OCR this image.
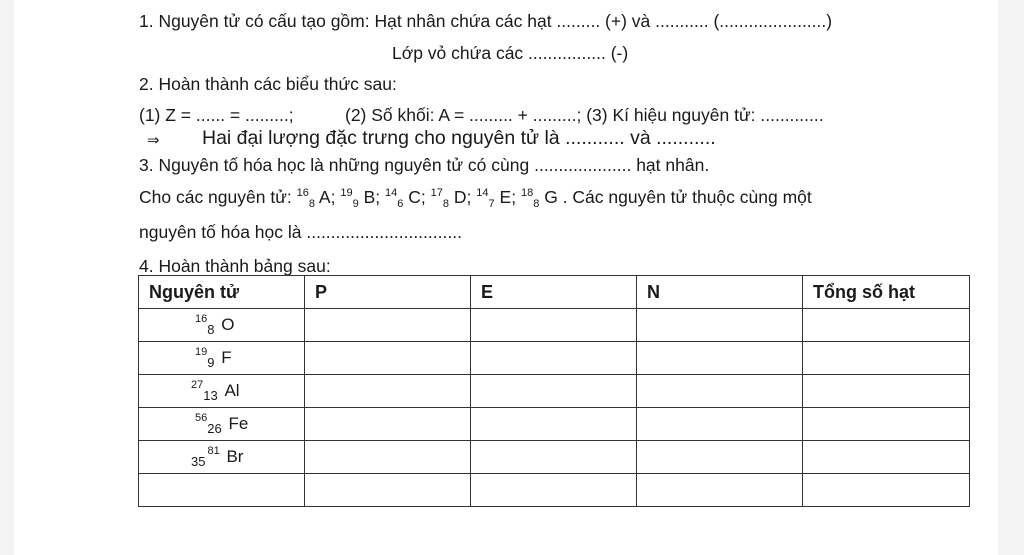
1. Nguyên tử có cấu tạo gồm: Hạt nhân chứa các hạt ......... (+) và ........... (......................)
Lớp vỏ chứa các ................ (-)
2. Hoàn thành các biểu thức sau:
(1) Z = ...... = .........;	(2) Số khối: A = ......... + .........; (3) Kí hiệu nguyên tử: .............
⇒ Hai đại lượng đặc trưng cho nguyên tử là ........... và ...........
3. Nguyên tố hóa học là những nguyên tử có cùng .................... hạt nhân.
Cho các nguyên tử: $^{16}_8$ A; $^{19}_9$ B; $^{14}_6$ C; $^{17}_8$ D; $^{14}_7$ E; $^{18}_8$ G . Các nguyên tử thuộc cùng một
nguyên tố hóa học là ................................
4. Hoàn thành bảng sau:
Nguyên tử	P	E	N	Tổng số hạt
$^{16}_8$ O				
$^{19}_9$ F				
$^{27}_{13}$ Al				
$^{56}_{26}$ Fe				
$_{35}^{81}$ Br				
